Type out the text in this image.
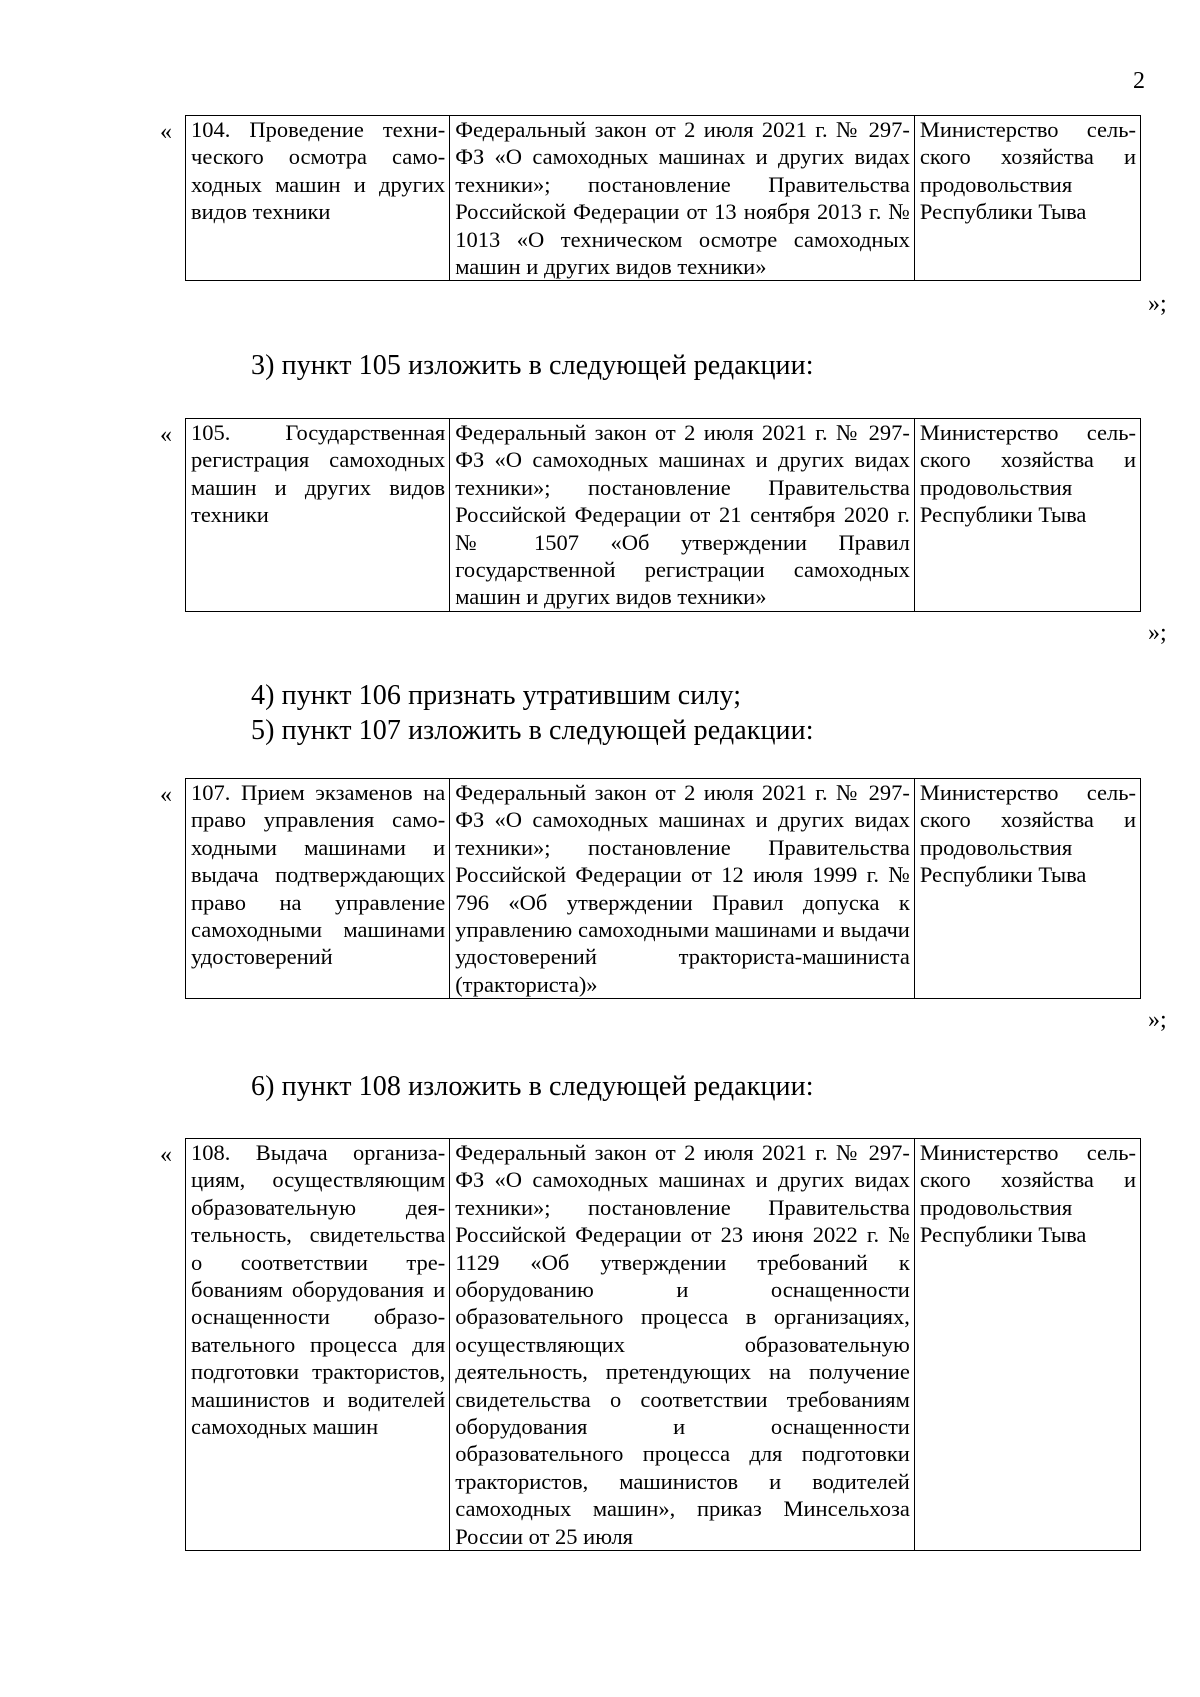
2
« 104. Проведение технического осмотра самоходных машин и других видов техники	Федеральный закон от 2 июля 2021 г. № 297-ФЗ «О самоходных машинах и других видах техники»; постановление Правительства Российской Федерации от 13 ноября 2013 г. № 1013 «О техническом осмотре самоходных машин и других видов техники»	Министерство сельского хозяйства и продовольствия Республики Тыва
»;
3) пункт 105 изложить в следующей редакции:
« 105. Государственная регистрация самоходных машин и других видов техники	Федеральный закон от 2 июля 2021 г. № 297-ФЗ «О самоходных машинах и других видах техники»; постановление Правительства Российской Федерации от 21 сентября 2020 г. № 1507 «Об утверждении Правил государственной регистрации самоходных машин и других видов техники»	Министерство сельского хозяйства и продовольствия Республики Тыва
»;
4) пункт 106 признать утратившим силу;
5) пункт 107 изложить в следующей редакции:
« 107. Прием экзаменов на право управления самоходными машинами и выдача подтверждающих право на управление самоходными машинами удостоверений	Федеральный закон от 2 июля 2021 г. № 297-ФЗ «О самоходных машинах и других видах техники»; постановление Правительства Российской Федерации от 12 июля 1999 г. № 796 «Об утверждении Правил допуска к управлению самоходными машинами и выдачи удостоверений тракториста-машиниста (тракториста)»	Министерство сельского хозяйства и продовольствия Республики Тыва
»;
6) пункт 108 изложить в следующей редакции:
« 108. Выдача организациям, осуществляющим образовательную деятельность, свидетельства о соответствии требованиям оборудования и оснащенности образовательного процесса для подготовки трактористов, машинистов и водителей самоходных машин	Федеральный закон от 2 июля 2021 г. № 297-ФЗ «О самоходных машинах и других видах техники»; постановление Правительства Российской Федерации от 23 июня 2022 г. № 1129 «Об утверждении требований к оборудованию и оснащенности образовательного процесса в организациях, осуществляющих образовательную деятельность, претендующих на получение свидетельства о соответствии требованиям оборудования и оснащенности образовательного процесса для подготовки трактористов, машинистов и водителей самоходных машин», приказ Минсельхоза России от 25 июля	Министерство сельского хозяйства и продовольствия Республики Тыва
